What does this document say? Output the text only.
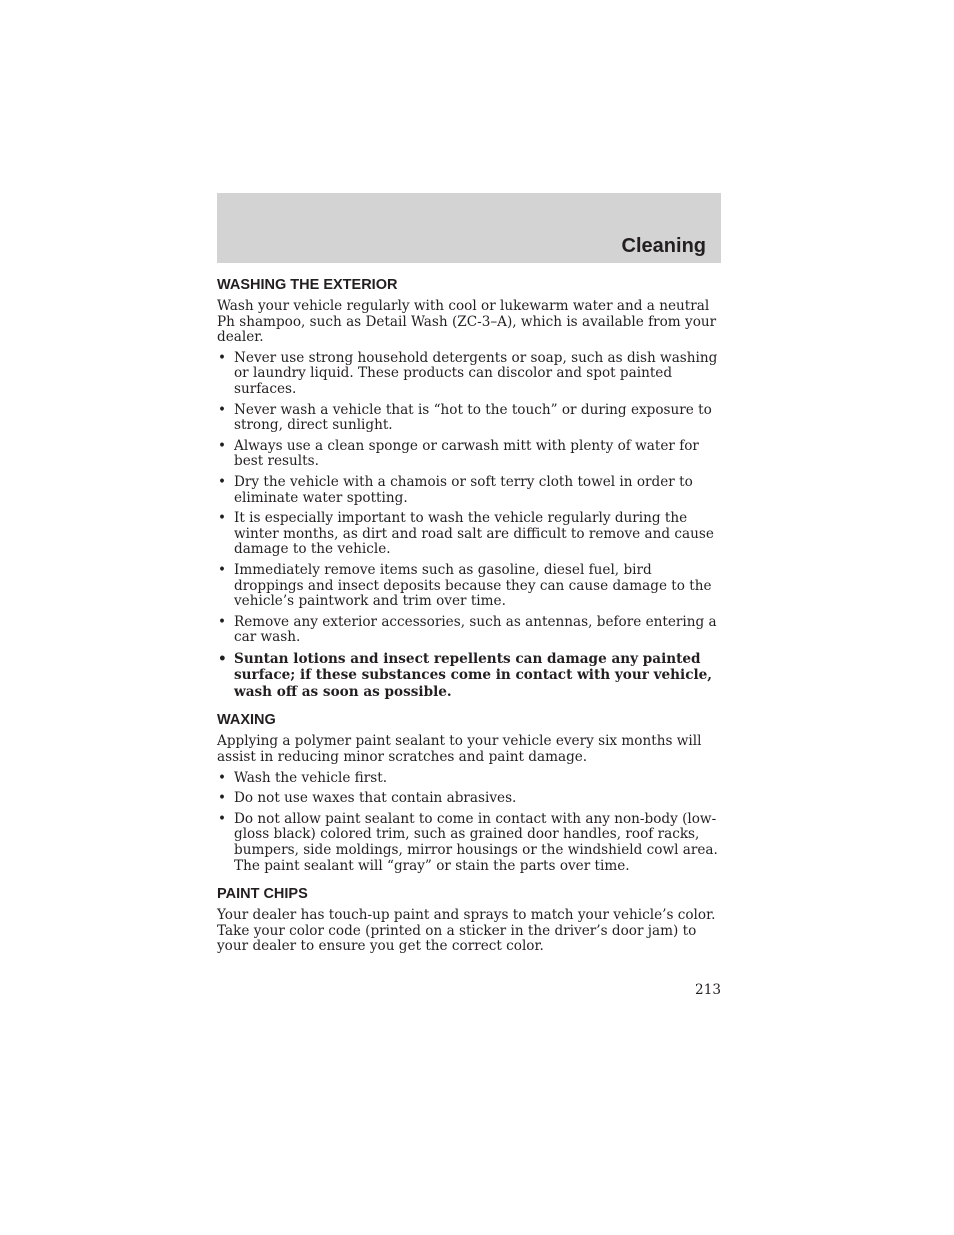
Cleaning
WASHING THE EXTERIOR
Wash your vehicle regularly with cool or lukewarm water and a neutral Ph shampoo, such as Detail Wash (ZC-3–A), which is available from your dealer.
• Never use strong household detergents or soap, such as dish washing or laundry liquid. These products can discolor and spot painted surfaces.
• Never wash a vehicle that is “hot to the touch” or during exposure to strong, direct sunlight.
• Always use a clean sponge or carwash mitt with plenty of water for best results.
• Dry the vehicle with a chamois or soft terry cloth towel in order to eliminate water spotting.
• It is especially important to wash the vehicle regularly during the winter months, as dirt and road salt are difficult to remove and cause damage to the vehicle.
• Immediately remove items such as gasoline, diesel fuel, bird droppings and insect deposits because they can cause damage to the vehicle’s paintwork and trim over time.
• Remove any exterior accessories, such as antennas, before entering a car wash.
• Suntan lotions and insect repellents can damage any painted surface; if these substances come in contact with your vehicle, wash off as soon as possible.
WAXING
Applying a polymer paint sealant to your vehicle every six months will assist in reducing minor scratches and paint damage.
• Wash the vehicle first.
• Do not use waxes that contain abrasives.
• Do not allow paint sealant to come in contact with any non-body (low-gloss black) colored trim, such as grained door handles, roof racks, bumpers, side moldings, mirror housings or the windshield cowl area. The paint sealant will “gray” or stain the parts over time.
PAINT CHIPS
Your dealer has touch-up paint and sprays to match your vehicle’s color. Take your color code (printed on a sticker in the driver’s door jam) to your dealer to ensure you get the correct color.
213
